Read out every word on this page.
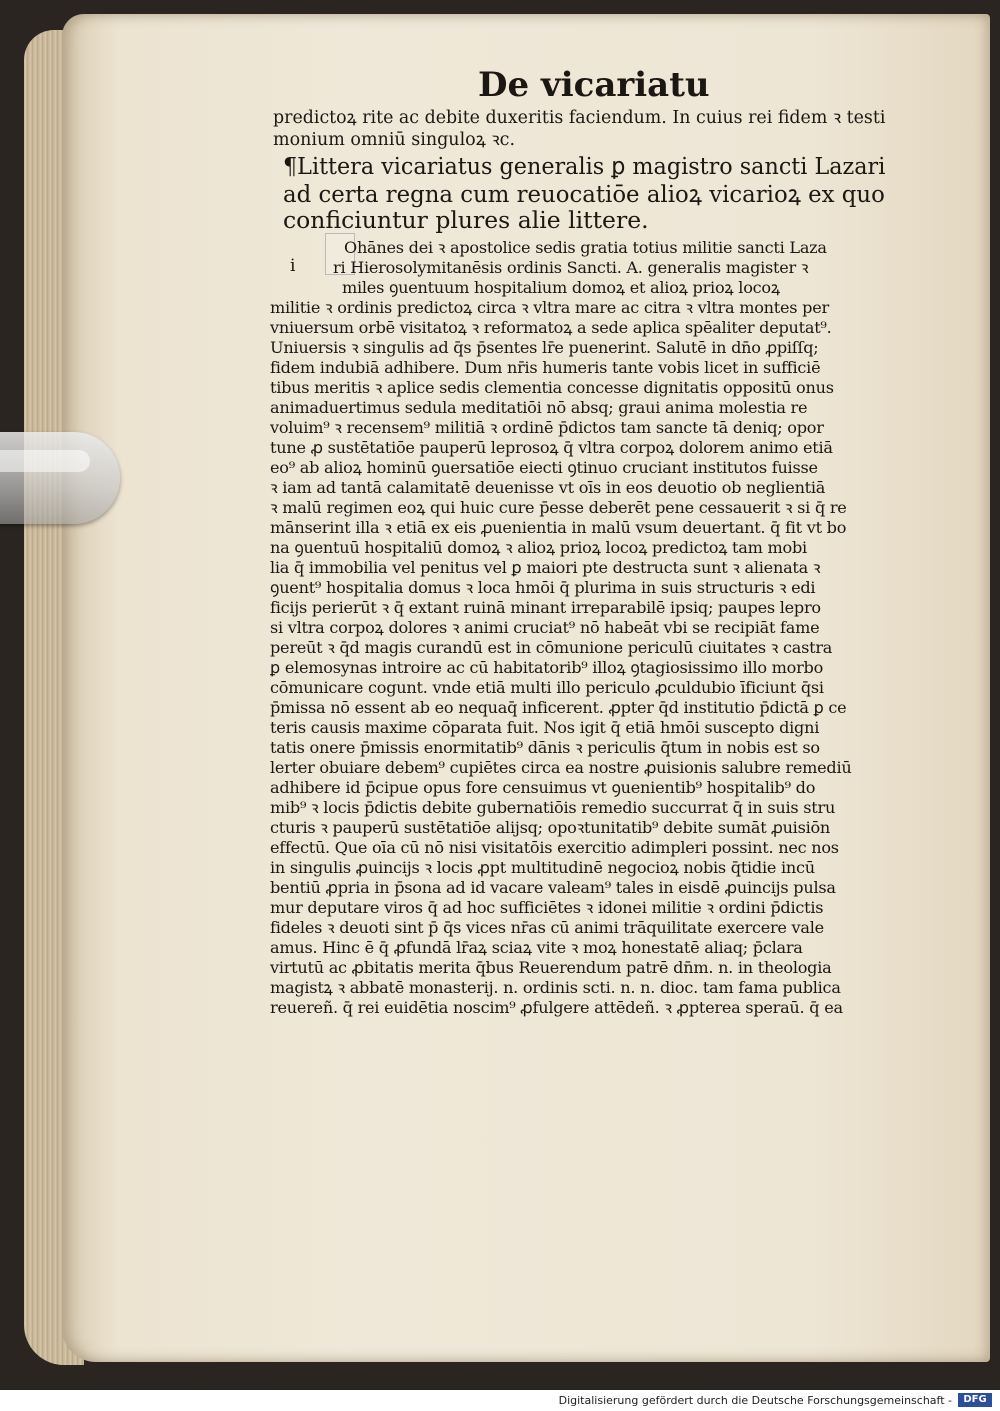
De vicariatu
predictoꝝ rite ac debite duxeritis faciendum. In cuius rei fidem ꝛ testi
monium omniū singuloꝝ ꝛc.
¶Littera vicariatus generalis ꝑ magistro sancti Lazari
ad certa regna cum reuocatiōe alioꝝ vicarioꝝ ex quo
conficiuntur plures alie littere.
i
Ohānes dei ꝛ apostolice sedis gratia totius militie sancti Laza
ri Hierosolymitanēsis ordinis Sancti. A. generalis magister ꝛ
miles ꝯuentuum hospitalium domoꝝ et alioꝝ prioꝝ locoꝝ
militie ꝛ ordinis predictoꝝ circa ꝛ vltra mare ac citra ꝛ vltra montes per
vniuersum orbē visitatoꝝ ꝛ reformatoꝝ a sede aplica spēaliter deputat⁹.
Uniuersis ꝛ singulis ad q̄s p̄sentes lr̄e puenerint. Salutē in dn̄o ꝓpiſſq;
fidem indubiā adhibere. Dum nr̄is humeris tante vobis licet in sufficiē
tibus meritis ꝛ aplice sedis clementia concesse dignitatis oppositū onus
animaduertimus sedula meditatiōi nō absq; graui anima molestia re
voluim⁹ ꝛ recensem⁹ militiā ꝛ ordinē p̄dictos tam sancte tā deniq; opor
tune ꝓ sustētatiōe pauperū leprosoꝝ q̄ vltra corpoꝝ dolorem animo etiā
eo⁹ ab alioꝝ hominū ꝯuersatiōe eiecti ꝯtinuo cruciant institutos fuisse
ꝛ iam ad tantā calamitatē deuenisse vt oīs in eos deuotio ob neglientiā
ꝛ malū regimen eoꝝ qui huic cure p̄esse deberēt pene cessauerit ꝛ si q̄ re
mānserint illa ꝛ etiā ex eis ꝓuenientia in malū vsum deuertant. q̄ fit vt bo
na ꝯuentuū hospitaliū domoꝝ ꝛ alioꝝ prioꝝ locoꝝ predictoꝝ tam mobi
lia q̄ immobilia vel penitus vel ꝑ maiori pte destructa sunt ꝛ alienata ꝛ
ꝯuent⁹ hospitalia domus ꝛ loca hmōi q̄ plurima in suis structuris ꝛ edi
ficijs perierūt ꝛ q̄ extant ruinā minant irreparabilē ipsiq; paupes lepro
si vltra corpoꝝ dolores ꝛ animi cruciat⁹ nō habeāt vbi se recipiāt fame
pereūt ꝛ q̄d magis curandū est in cōmunione periculū ciuitates ꝛ castra
ꝑ elemosynas introire ac cū habitatorib⁹ illoꝝ ꝯtagiosissimo illo morbo
cōmunicare cogunt. vnde etiā multi illo periculo ꝓculdubio īficiunt q̄si
p̄missa nō essent ab eo nequaq̄ inficerent. ꝓpter q̄d institutio p̄dictā ꝑ ce
teris causis maxime cōparata fuit. Nos igit q̄ etiā hmōi suscepto digni
tatis onere p̄missis enormitatib⁹ dānis ꝛ periculis q̄tum in nobis est so
lerter obuiare debem⁹ cupiētes circa ea nostre ꝓuisionis salubre remediū
adhibere id p̄cipue opus fore censuimus vt ꝯuenientib⁹ hospitalib⁹ do
mib⁹ ꝛ locis p̄dictis debite gubernatiōis remedio succurrat q̄ in suis stru
cturis ꝛ pauperū sustētatiōe alijsq; opoꝛtunitatib⁹ debite sumāt ꝓuisiōn
effectū. Que oīa cū nō nisi visitatōis exercitio adimpleri possint. nec nos
in singulis ꝓuincijs ꝛ locis ꝓpt multitudinē negocioꝝ nobis q̄tidie incū
bentiū ꝓpria in p̄sona ad id vacare valeam⁹ tales in eisdē ꝓuincijs pulsa
mur deputare viros q̄ ad hoc sufficiētes ꝛ idonei militie ꝛ ordini p̄dictis
fideles ꝛ deuoti sint p̄ q̄s vices nr̄as cū animi trāquilitate exercere vale
amus. Hinc ē q̄ ꝓfundā lr̄aꝝ sciaꝝ vite ꝛ moꝝ honestatē aliaq; p̄clara
virtutū ac ꝓbitatis merita q̄bus Reuerendum patrē dn̄m. n. in theologia
magistꝝ ꝛ abbatē monasterij. n. ordinis scti. n. n. dioc. tam fama publica
reuereñ. q̄ rei euidētia noscim⁹ ꝓfulgere attēdeñ. ꝛ ꝓpterea speraū. q̄ ea
Digitalisierung gefördert durch die Deutsche Forschungsgemeinschaft -	DFG
